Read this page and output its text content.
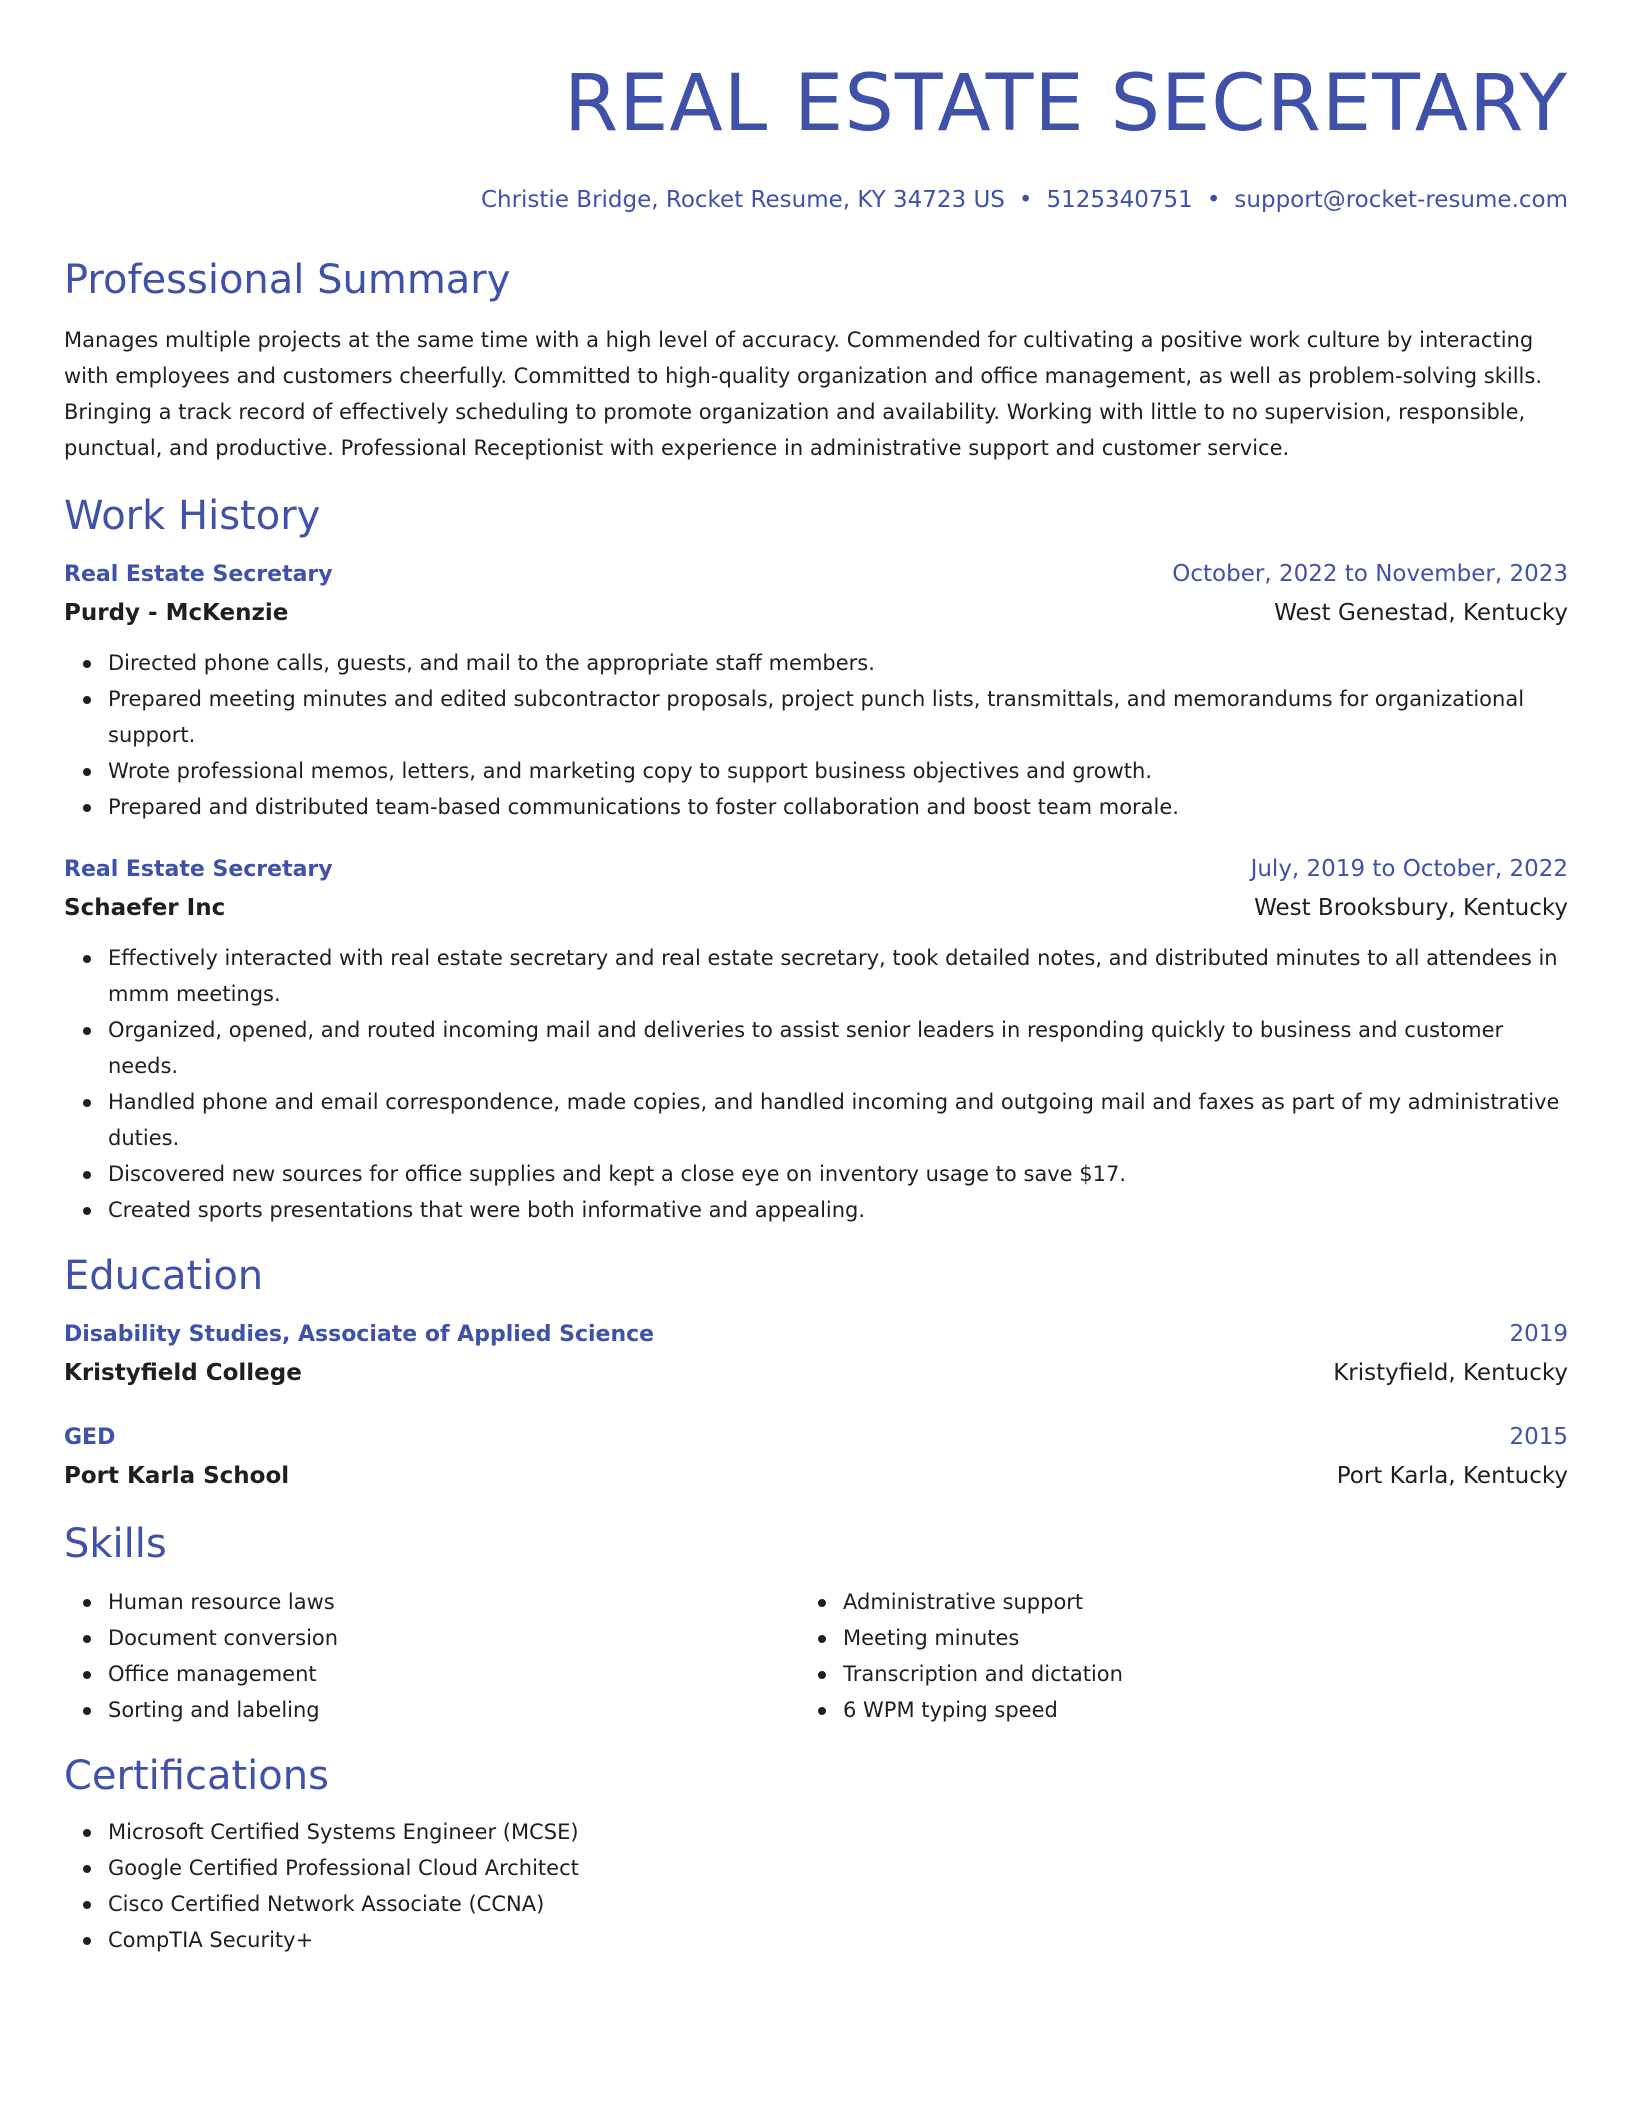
REAL ESTATE SECRETARY
Christie Bridge, Rocket Resume, KY 34723 US • 5125340751 • support@rocket-resume.com
Professional Summary
Manages multiple projects at the same time with a high level of accuracy. Commended for cultivating a positive work culture by interacting with employees and customers cheerfully. Committed to high-quality organization and office management, as well as problem-solving skills. Bringing a track record of effectively scheduling to promote organization and availability. Working with little to no supervision, responsible, punctual, and productive. Professional Receptionist with experience in administrative support and customer service.
Work History
Real Estate Secretary	October, 2022 to November, 2023
Purdy - McKenzie	West Genestad, Kentucky
Directed phone calls, guests, and mail to the appropriate staff members.
Prepared meeting minutes and edited subcontractor proposals, project punch lists, transmittals, and memorandums for organizational support.
Wrote professional memos, letters, and marketing copy to support business objectives and growth.
Prepared and distributed team-based communications to foster collaboration and boost team morale.
Real Estate Secretary	July, 2019 to October, 2022
Schaefer Inc	West Brooksbury, Kentucky
Effectively interacted with real estate secretary and real estate secretary, took detailed notes, and distributed minutes to all attendees in mmm meetings.
Organized, opened, and routed incoming mail and deliveries to assist senior leaders in responding quickly to business and customer needs.
Handled phone and email correspondence, made copies, and handled incoming and outgoing mail and faxes as part of my administrative duties.
Discovered new sources for office supplies and kept a close eye on inventory usage to save $17.
Created sports presentations that were both informative and appealing.
Education
Disability Studies, Associate of Applied Science	2019
Kristyfield College	Kristyfield, Kentucky
GED	2015
Port Karla School	Port Karla, Kentucky
Skills
Human resource laws
Document conversion
Office management
Sorting and labeling
Administrative support
Meeting minutes
Transcription and dictation
6 WPM typing speed
Certifications
Microsoft Certified Systems Engineer (MCSE)
Google Certified Professional Cloud Architect
Cisco Certified Network Associate (CCNA)
CompTIA Security+
